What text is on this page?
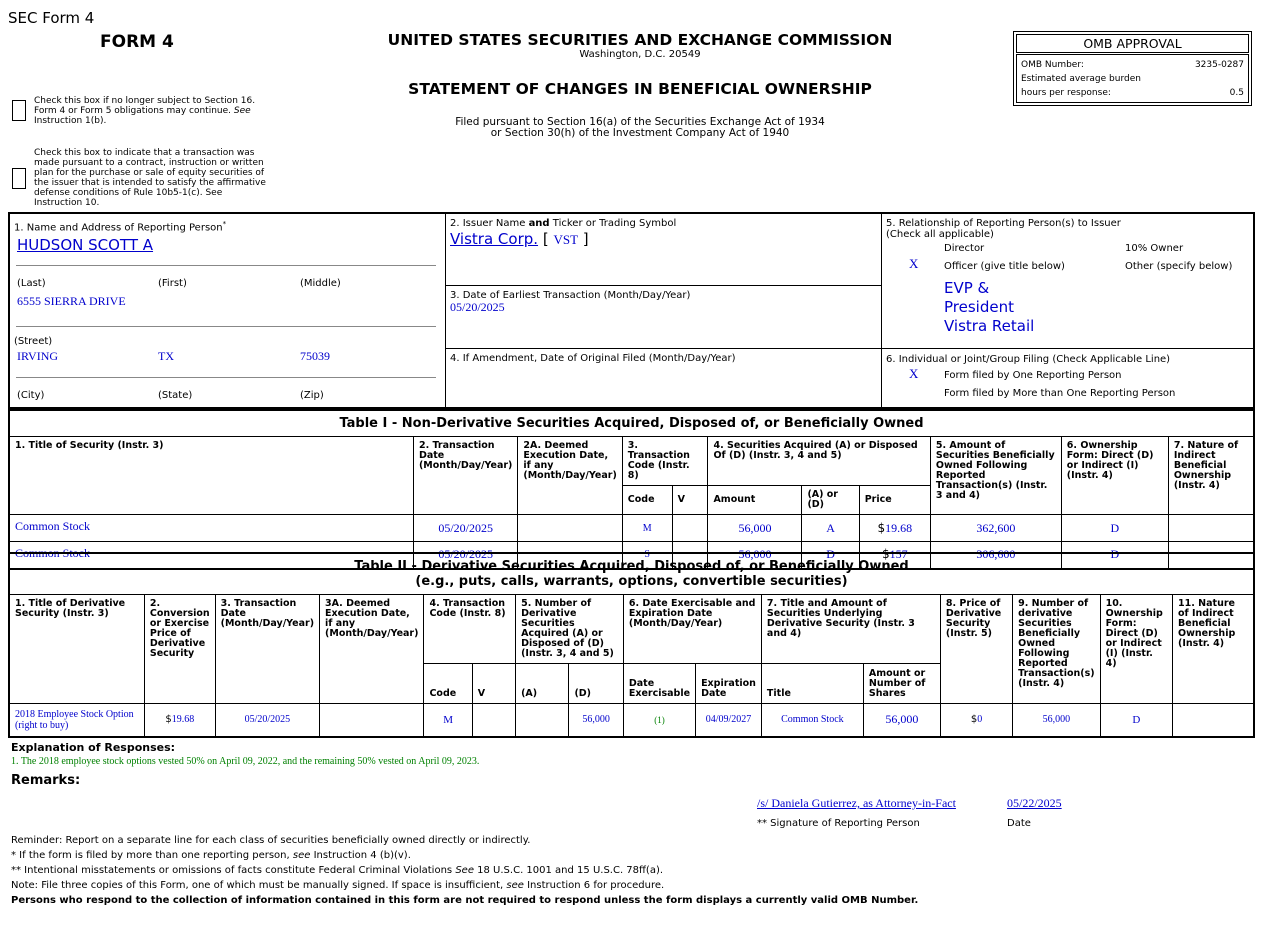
SEC Form 4
FORM 4
Check this box if no longer subject to Section 16. Form 4 or Form 5 obligations may continue. See Instruction 1(b).
Check this box to indicate that a transaction was made pursuant to a contract, instruction or written plan for the purchase or sale of equity securities of the issuer that is intended to satisfy the affirmative defense conditions of Rule 10b5-1(c). See Instruction 10.
UNITED STATES SECURITIES AND EXCHANGE COMMISSION
Washington, D.C. 20549
STATEMENT OF CHANGES IN BENEFICIAL OWNERSHIP
Filed pursuant to Section 16(a) of the Securities Exchange Act of 1934
or Section 30(h) of the Investment Company Act of 1940
OMB APPROVAL
OMB Number:	3235-0287
Estimated average burden
hours per response:	0.5
1. Name and Address of Reporting Person*
HUDSON SCOTT A
(Last)	(First)	(Middle)
6555 SIERRA DRIVE
(Street)
IRVING	TX	75039
(City)	(State)	(Zip)
2. Issuer Name and Ticker or Trading Symbol
Vistra Corp. [ VST ]
3. Date of Earliest Transaction (Month/Day/Year)
05/20/2025
4. If Amendment, Date of Original Filed (Month/Day/Year)
5. Relationship of Reporting Person(s) to Issuer
(Check all applicable)
Director	10% Owner
X	Officer (give title below)	Other (specify below)
EVP &
President
Vistra Retail
6. Individual or Joint/Group Filing (Check Applicable Line)
X	Form filed by One Reporting Person
Form filed by More than One Reporting Person
Table I - Non-Derivative Securities Acquired, Disposed of, or Beneficially Owned										
1. Title of Security (Instr. 3)	2. Transaction Date (Month/Day/Year)	2A. Deemed Execution Date, if any (Month/Day/Year)	3. Transaction Code (Instr. 8)		4. Securities Acquired (A) or Disposed Of (D) (Instr. 3, 4 and 5)			5. Amount of Securities Beneficially Owned Following Reported Transaction(s) (Instr. 3 and 4)	6. Ownership Form: Direct (D) or Indirect (I) (Instr. 4)	7. Nature of Indirect Beneficial Ownership (Instr. 4)
			Code	V	Amount	(A) or (D)	Price			
Common Stock	05/20/2025		M		56,000	A	$19.68	362,600	D	
Common Stock	05/20/2025		S		56,000	D	$157	306,600	D	
Table II - Derivative Securities Acquired, Disposed of, or Beneficially Owned
(e.g., puts, calls, warrants, options, convertible securities)															

1. Title of Derivative Security (Instr. 3)	2. Conversion or Exercise Price of Derivative Security	3. Transaction Date (Month/Day/Year)	3A. Deemed Execution Date, if any (Month/Day/Year)	4. Transaction Code (Instr. 8)		5. Number of Derivative Securities Acquired (A) or Disposed of (D) (Instr. 3, 4 and 5)		6. Date Exercisable and Expiration Date (Month/Day/Year)		7. Title and Amount of Securities Underlying Derivative Security (Instr. 3 and 4)		8. Price of Derivative Security (Instr. 5)	9. Number of derivative Securities Beneficially Owned Following Reported Transaction(s) (Instr. 4)	10. Ownership Form: Direct (D) or Indirect (I) (Instr. 4)	11. Nature of Indirect Beneficial Ownership (Instr. 4)
				Code	V	(A)	(D)	Date Exercisable	Expiration Date	Title	Amount or Number of Shares				
2018 Employee Stock Option (right to buy)	$19.68	05/20/2025		M			56,000	(1)	04/09/2027	Common Stock	56,000	$0	56,000	D	
Explanation of Responses:
1. The 2018 employee stock options vested 50% on April 09, 2022, and the remaining 50% vested on April 09, 2023.
Remarks:
/s/ Daniela Gutierrez, as Attorney-in-Fact	05/22/2025
** Signature of Reporting Person	Date
Reminder: Report on a separate line for each class of securities beneficially owned directly or indirectly.
* If the form is filed by more than one reporting person, see Instruction 4 (b)(v).
** Intentional misstatements or omissions of facts constitute Federal Criminal Violations See 18 U.S.C. 1001 and 15 U.S.C. 78ff(a).
Note: File three copies of this Form, one of which must be manually signed. If space is insufficient, see Instruction 6 for procedure.
Persons who respond to the collection of information contained in this form are not required to respond unless the form displays a currently valid OMB Number.
